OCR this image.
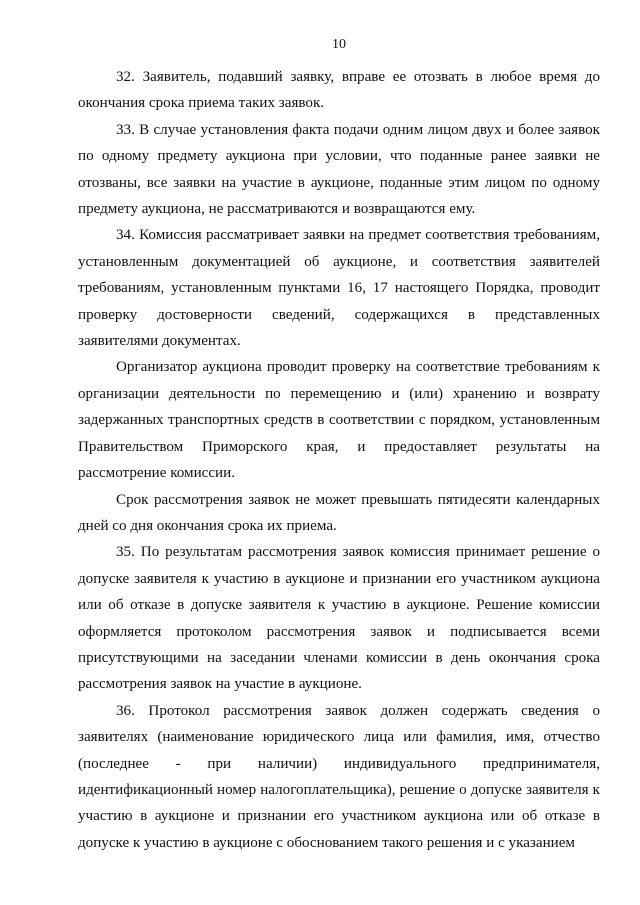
10

32. Заявитель, подавший заявку, вправе ее отозвать в любое время до окончания срока приема таких заявок.

33. В случае установления факта подачи одним лицом двух и более заявок по одному предмету аукциона при условии, что поданные ранее заявки не отозваны, все заявки на участие в аукционе, поданные этим лицом по одному предмету аукциона, не рассматриваются и возвращаются ему.

34. Комиссия рассматривает заявки на предмет соответствия требованиям, установленным документацией об аукционе, и соответствия заявителей требованиям, установленным пунктами 16, 17 настоящего Порядка, проводит проверку достоверности сведений, содержащихся в представленных заявителями документах.

Организатор аукциона проводит проверку на соответствие требованиям к организации деятельности по перемещению и (или) хранению и возврату задержанных транспортных средств в соответствии с порядком, установленным Правительством Приморского края, и предоставляет результаты на рассмотрение комиссии.

Срок рассмотрения заявок не может превышать пятидесяти календарных дней со дня окончания срока их приема.

35. По результатам рассмотрения заявок комиссия принимает решение о допуске заявителя к участию в аукционе и признании его участником аукциона или об отказе в допуске заявителя к участию в аукционе. Решение комиссии оформляется протоколом рассмотрения заявок и подписывается всеми присутствующими на заседании членами комиссии в день окончания срока рассмотрения заявок на участие в аукционе.

36. Протокол рассмотрения заявок должен содержать сведения о заявителях (наименование юридического лица или фамилия, имя, отчество (последнее - при наличии) индивидуального предпринимателя, идентификационный номер налогоплательщика), решение о допуске заявителя к участию в аукционе и признании его участником аукциона или об отказе в допуске к участию в аукционе с обоснованием такого решения и с указанием
